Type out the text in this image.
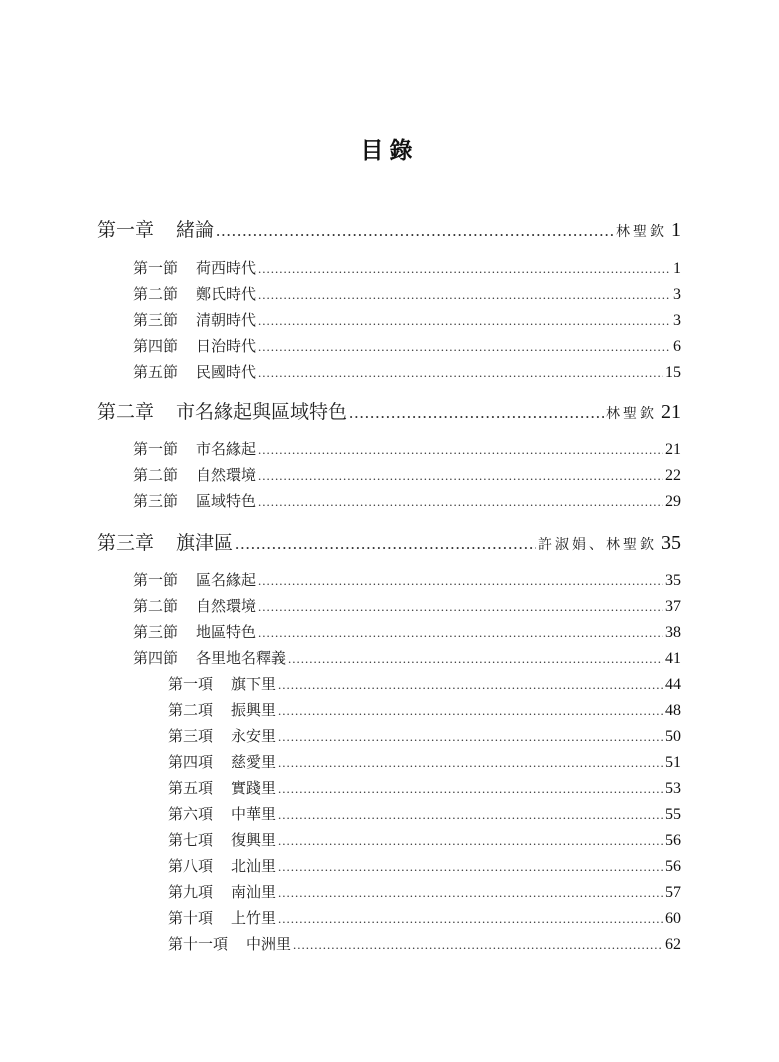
目錄
第一章 緒論 .....	林聖欽 1
第一節 荷西時代 .....	1
第二節 鄭氏時代 .....	3
第三節 清朝時代 .....	3
第四節 日治時代 .....	6
第五節 民國時代 .....	15
第二章 市名緣起與區域特色 .....	林聖欽 21
第一節 市名緣起 .....	21
第二節 自然環境 .....	22
第三節 區域特色 .....	29
第三章 旗津區 .....	許淑娟、林聖欽 35
第一節 區名緣起 .....	35
第二節 自然環境 .....	37
第三節 地區特色 .....	38
第四節 各里地名釋義 .....	41
第一項 旗下里 .....	44
第二項 振興里 .....	48
第三項 永安里 .....	50
第四項 慈愛里 .....	51
第五項 實踐里 .....	53
第六項 中華里 .....	55
第七項 復興里 .....	56
第八項 北汕里 .....	56
第九項 南汕里 .....	57
第十項 上竹里 .....	60
第十一項 中洲里 .....	62
